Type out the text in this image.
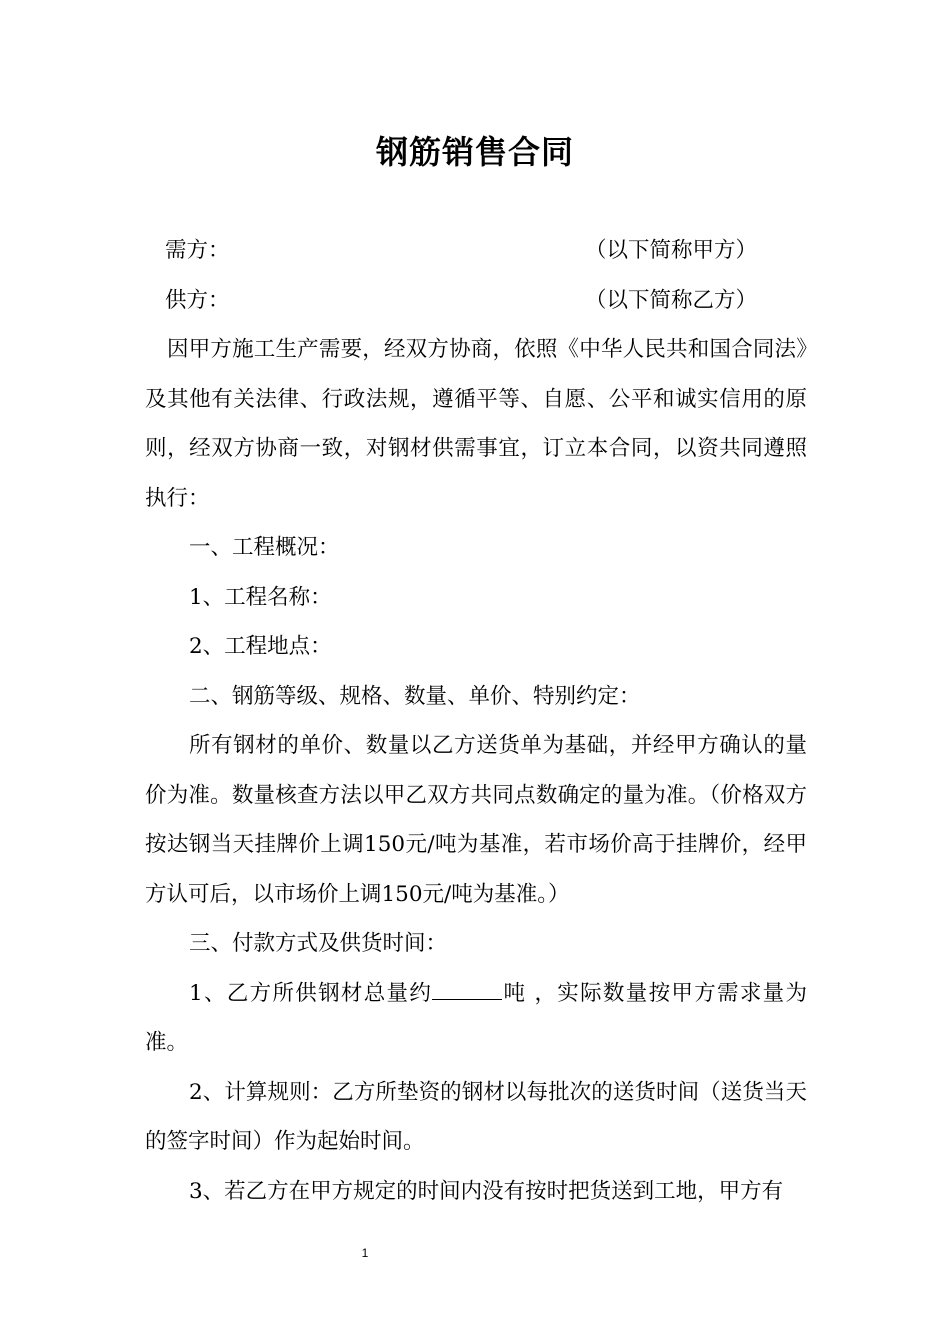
钢筋销售合同
需方：	（以下简称甲方）
供方：	（以下简称乙方）

因甲方施工生产需要，经双方协商，依照《中华人民共和国合同法》及其他有关法律、行政法规，遵循平等、自愿、公平和诚实信用的原则，经双方协商一致，对钢材供需事宜，订立本合同，以资共同遵照执行：

一、工程概况：

1、工程名称：

2、工程地点：

二、钢筋等级、规格、数量、单价、特别约定：

所有钢材的单价、数量以乙方送货单为基础，并经甲方确认的量价为准。数量核查方法以甲乙双方共同点数确定的量为准。（价格双方按达钢当天挂牌价上调150元/吨为基准，若市场价高于挂牌价，经甲方认可后，以市场价上调150元/吨为基准。）

三、付款方式及供货时间：

1、乙方所供钢材总量约	吨 ，实际数量按甲方需求量为准。

2、计算规则：乙方所垫资的钢材以每批次的送货时间（送货当天的签字时间）作为起始时间。

3、若乙方在甲方规定的时间内没有按时把货送到工地，甲方有

1
